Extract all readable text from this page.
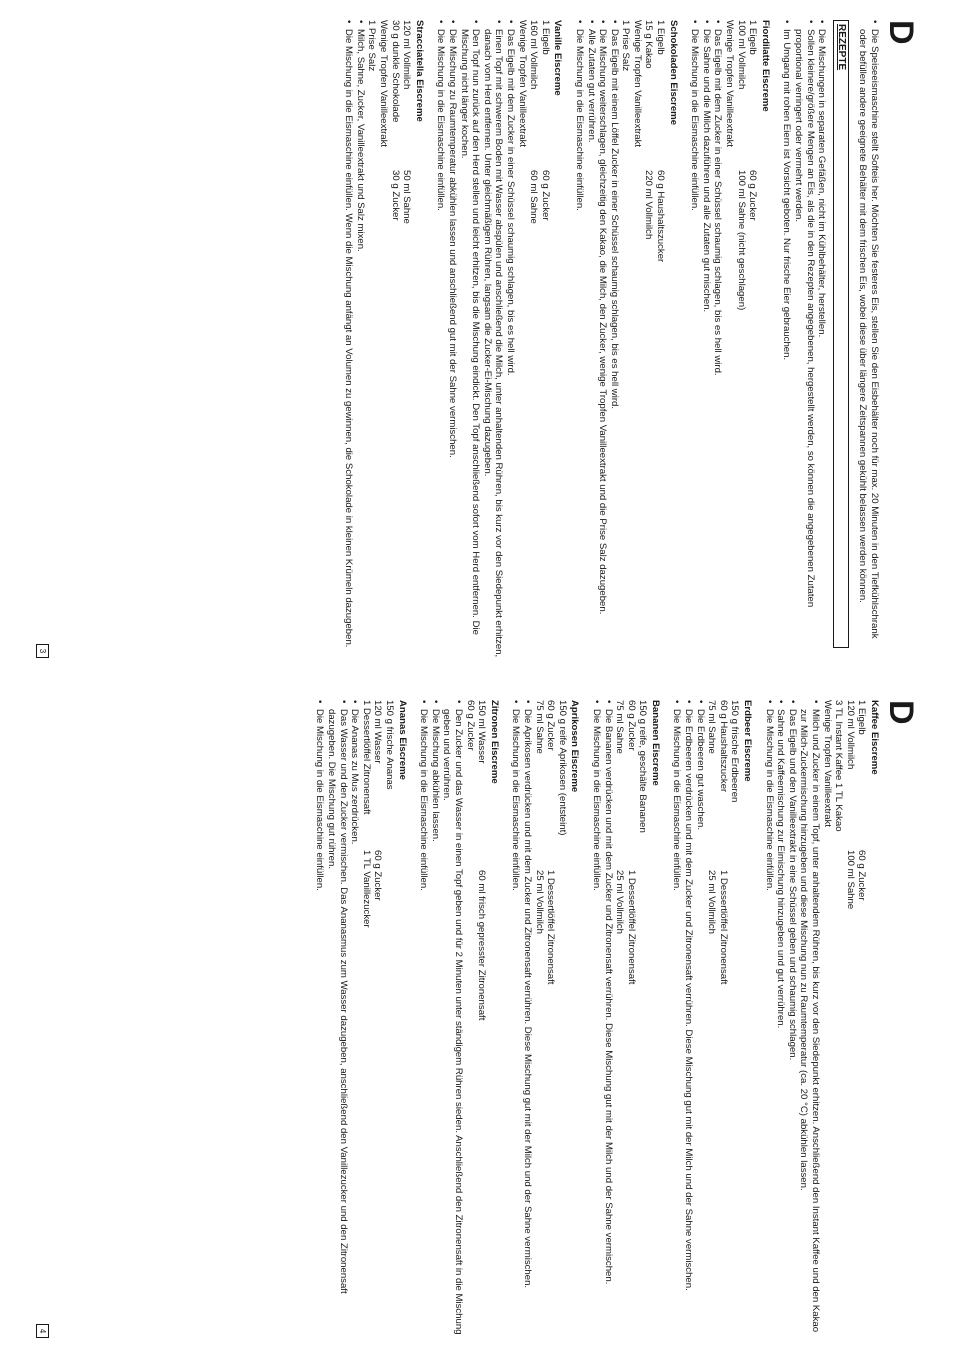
D
• Die Speiseeismaschine stellt Softeis her. Möchten Sie festeres Eis, stellen Sie den Eisbehälter noch für max. 20 Minuten in den Tiefkühlschrank oder befüllen andere geeignete Behälter mit dem frischen Eis, wobei diese über längere Zeitspannen gekühlt belassen werden können.
REZEPTE
• Die Mischungen in separaten Gefäßen, nicht im Kühlbehälter, herstellen.
• Sollen kleinere/größere Mengen an Eis, als die in den Rezepten angegebenen, hergestellt werden, so können die angegebenen Zutaten proportional verringert oder vermehrt werden.
• Im Umgang mit rohen Eiern ist Vorsicht geboten. Nur frische Eier gebrauchen.
Fiordilatte Eiscreme
1 Eigelb
60 g Zucker
100 ml Vollmilch
100 ml Sahne (nicht geschlagen)
Wenige Tropfen Vanilleextrakt
• Das Eigelb mit dem Zucker in einer Schüssel schaumig schlagen, bis es hell wird.
• Die Sahne und die Milch dazuführen und alle Zutaten gut mischen.
• Die Mischung in die Eismaschine einfüllen.
Schokoladen Eiscreme
1 Eigelb
60 g Haushaltszucker
15 g Kakao
220 ml Vollmilch
Wenige Tropfen Vanilleextrakt
1 Prise Salz
• Das Eigelb mit einem Löffel Zucker in einer Schüssel schaumig schlagen, bis es hell wird.
• Die Mischung weiterschlagen, gleichzeitig den Kakao, die Milch, den Zucker, wenige Tropfen Vanilleextrakt und die Prise Salz dazugeben.
• Alle Zutaten gut verrühren.
• Die Mischung in die Eismaschine einfüllen.
Vanille Eiscreme
1 Eigelb
60 g Zucker
160 ml Vollmilch
60 ml Sahne
Wenige Tropfen Vanilleextrakt
• Das Eigelb mit dem Zucker in einer Schüssel schaumig schlagen, bis es hell wird.
• Einen Topf mit schwerem Boden mit Wasser abspülen und anschließend die Milch, unter anhaltenden Rühren, bis kurz vor den Siedepunkt erhitzen, danach vom Herd entfernen. Unter gleichmäßigem Rühren, langsam die Zucker-Ei-Mischung dazugeben.
• Den Topf nun zurück auf den Herd stellen und leicht erhitzen, bis die Mischung eindickt. Den Topf anschließend sofort vom Herd entfernen. Die Mischung nicht länger kochen.
• Die Mischung zu Raumtemperatur abkühlen lassen und anschließend gut mit der Sahne vermischen.
• Die Mischung in die Eismaschine einfüllen.
Stracciatella Eiscreme
120 ml Vollmilch
50 ml Sahne
30 g dunkle Schokolade
30 g Zucker
Wenige Tropfen Vanilleextrakt
1 Prise Salz
• Milch, Sahne, Zucker, Vanilleextrakt und Salz mixen.
• Die Mischung in die Eismaschine einfüllen. Wenn die Mischung anfängt an Volumen zu gewinnen, die Schokolade in kleinen Krümeln dazugeben.
3
D
Kaffee Eiscreme
1 Eigelb
60 g Zucker
120 ml Vollmilch
100 ml Sahne
3 TL Instant Kaffee 1 TL Kakao
Wenige Tropfen Vanilleextrakt
• Milch und Zucker in einem Topf, unter anhaltendem Rühren, bis kurz vor den Siedepunkt erhitzen. Anschließend den Instant Kaffee und den Kakao zur Milch-Zuckermischung hinzugeben und diese Mischung nun zu Raumtemperatur (ca. 20 °C) abkühlen lassen.
• Das Eigelb und den Vanilleextrakt in eine Schüssel geben und schaumig schlagen.
• Sahne und Kaffeemischung zur Eimischung hinzugeben und gut verrühren.
• Die Mischung in die Eismaschine einfüllen.
Erdbeer Eiscreme
150 g frische Erdbeeren
60 g Haushaltszucker
1 Dessertlöffel Zitronensaft
75 ml Sahne
25 ml Vollmilch
• Die Erdbeeren gut waschen.
• Die Erdbeeren verdrücken und mit dem Zucker und Zitronensaft verrühren. Diese Mischung gut mit der Milch und der Sahne vermischen.
• Die Mischung in die Eismaschine einfüllen.
Bananen Eiscreme
150 g reife, geschälte Bananen
60 g Zucker
1 Dessertlöffel Zitronensaft
75 ml Sahne
25 ml Vollmilch
• Die Bananen verdrücken und mit dem Zucker und Zitronensaft verrühren. Diese Mischung gut mit der Milch und der Sahne vermischen.
• Die Mischung in die Eismaschine einfüllen.
Aprikosen Eiscreme
150 g reife Aprikosen (entsteint)
60 g Zucker
1 Dessertlöffel Zitronensaft
75 ml Sahne
25 ml Vollmilch
• Die Aprikosen verdrücken und mit dem Zucker und Zitronensaft verrühren. Diese Mischung gut mit der Milch und der Sahne vermischen.
• Die Mischung in die Eismaschine einfüllen.
Zitronen Eiscreme
150 ml Wasser
60 ml frisch gepresster Zitronensaft
60 g Zucker
• Den Zucker und das Wasser in einen Topf geben und für 2 Minuten unter ständigem Rühren sieden. Anschließend den Zitronensaft in die Mischung geben und verrühren.
• Die Mischung abkühlen lassen.
• Die Mischung in die Eismaschine einfüllen.
Ananas Eiscreme
150 g frische Ananas
120 ml Wasser
60 g Zucker
1 Dessertlöffel Zitronensaft
1 TL Vanillezucker
• Die Ananas zu Mus zerdrücken.
• Das Wasser und den Zucker vermischen. Das Ananasmus zum Wasser dazugeben, anschließend den Vanillezucker und den Zitronensaft dazugeben. Die Mischung gut rühren.
• Die Mischung in die Eismaschine einfüllen.
4
